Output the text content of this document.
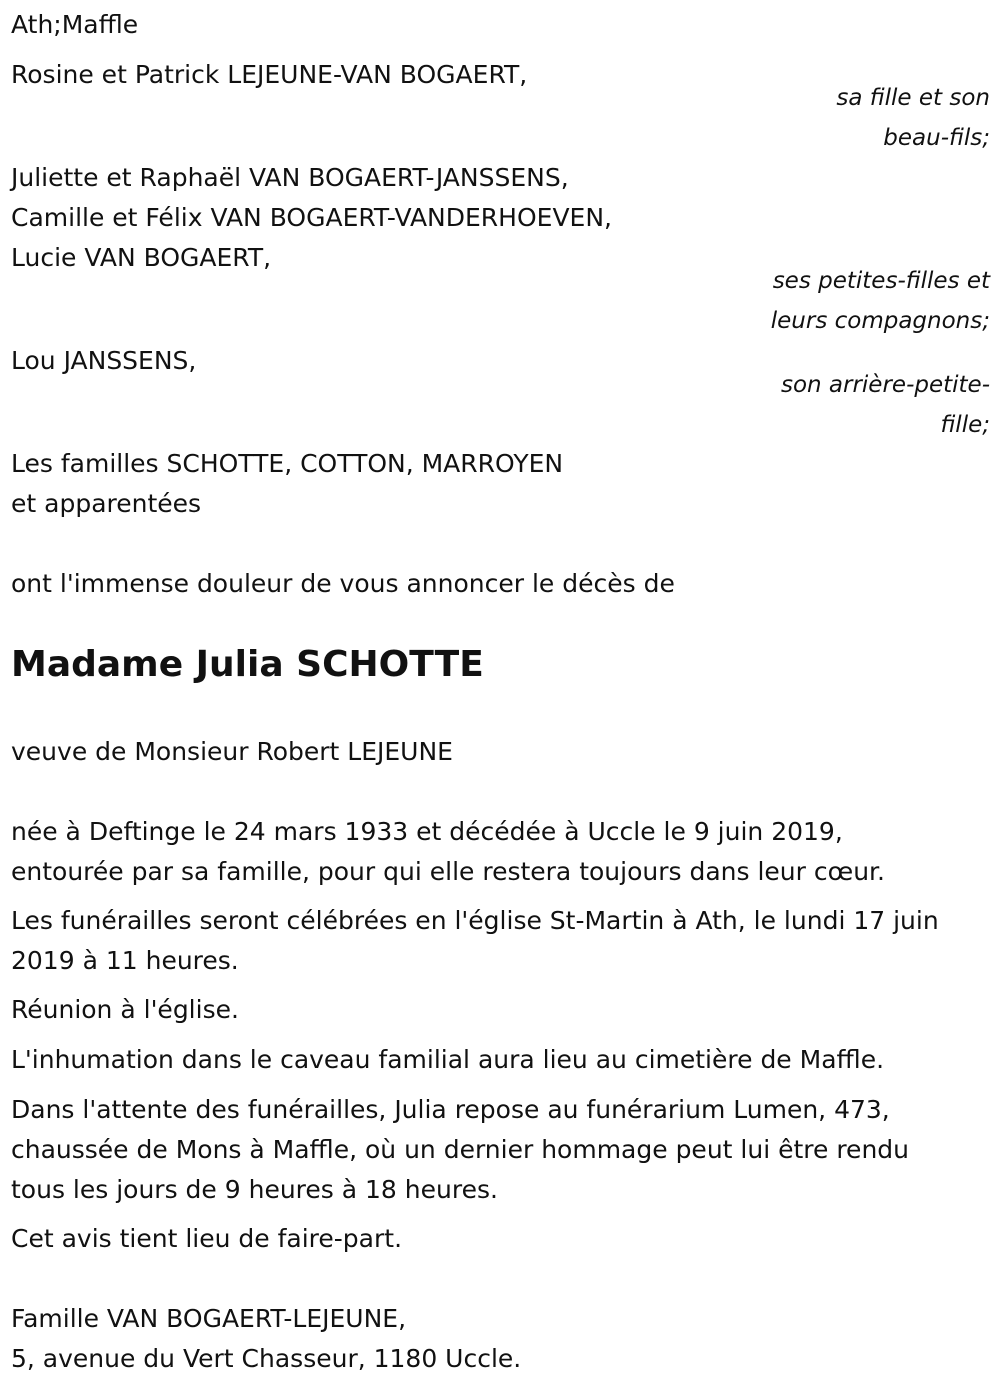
Ath;Maffle
Rosine et Patrick LEJEUNE-VAN BOGAERT,
sa fille et son
beau-fils;
Juliette et Raphaël VAN BOGAERT-JANSSENS,
Camille et Félix VAN BOGAERT-VANDERHOEVEN,
Lucie VAN BOGAERT,
ses petites-filles et
leurs compagnons;
Lou JANSSENS,
son arrière-petite-
fille;
Les familles SCHOTTE, COTTON, MARROYEN
et apparentées
ont l'immense douleur de vous annoncer le décès de
Madame Julia SCHOTTE
veuve de Monsieur Robert LEJEUNE
née à Deftinge le 24 mars 1933 et décédée à Uccle le 9 juin 2019,
entourée par sa famille, pour qui elle restera toujours dans leur cœur.
Les funérailles seront célébrées en l'église St-Martin à Ath, le lundi 17 juin
2019 à 11 heures.
Réunion à l'église.
L'inhumation dans le caveau familial aura lieu au cimetière de Maffle.
Dans l'attente des funérailles, Julia repose au funérarium Lumen, 473,
chaussée de Mons à Maffle, où un dernier hommage peut lui être rendu
tous les jours de 9 heures à 18 heures.
Cet avis tient lieu de faire-part.
Famille VAN BOGAERT-LEJEUNE,
5, avenue du Vert Chasseur, 1180 Uccle.
